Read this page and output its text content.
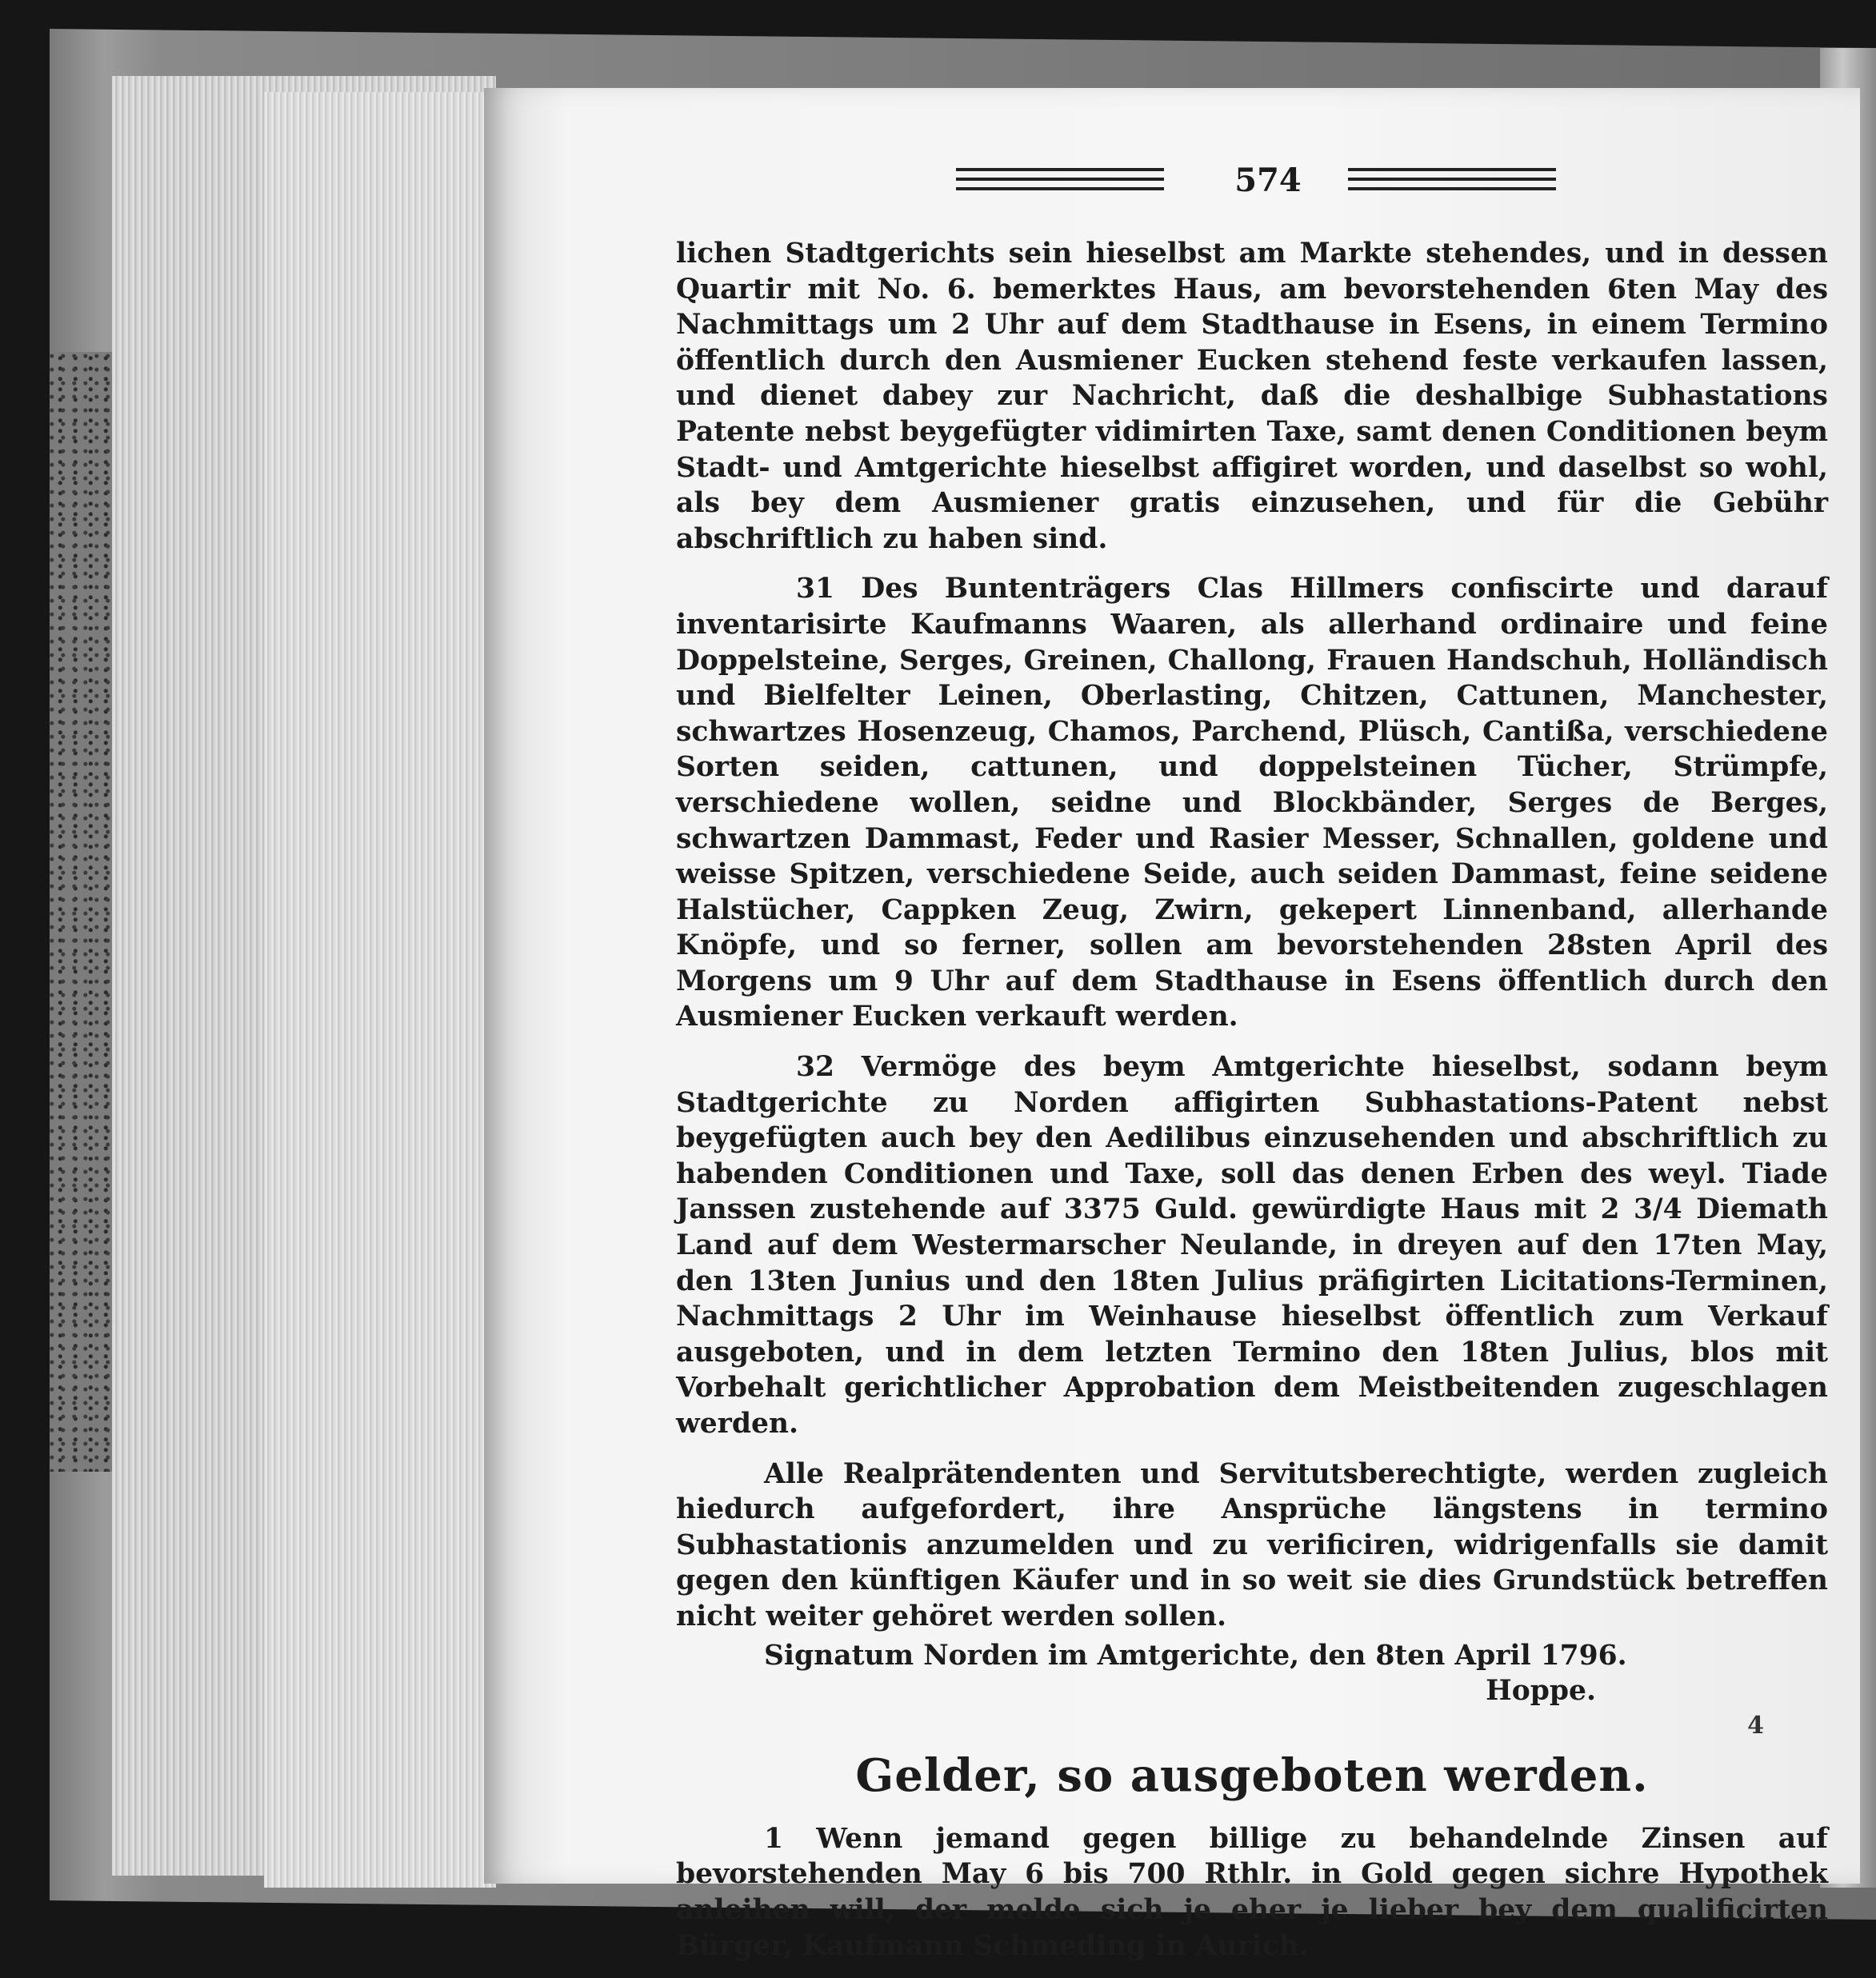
574

lichen Stadtgerichts sein hieselbst am Markte stehendes, und in dessen Quartir mit No. 6. bemerktes Haus, am bevorstehenden 6ten May des Nachmittags um 2 Uhr auf dem Stadthause in Esens, in einem Termino öffentlich durch den Ausmiener Eucken stehend feste verkaufen lassen, und dienet dabey zur Nachricht, daß die deshalbige Subhastations Patente nebst beygefügter vidimirten Taxe, samt denen Conditionen beym Stadt- und Amtgerichte hieselbst affigiret worden, und daselbst so wohl, als bey dem Ausmiener gratis einzusehen, und für die Gebühr abschriftlich zu haben sind.

31 Des Buntenträgers Clas Hillmers confiscirte und darauf inventarisirte Kaufmanns Waaren, als allerhand ordinaire und feine Doppelsteine, Serges, Greinen, Challong, Frauen Handschuh, Holländisch und Bielfelter Leinen, Oberlasting, Chitzen, Cattunen, Manchester, schwartzes Hosenzeug, Chamos, Parchend, Plüsch, Cantißa, verschiedene Sorten seiden, cattunen, und doppelsteinen Tücher, Strümpfe, verschiedene wollen, seidne und Blockbänder, Serges de Berges, schwartzen Dammast, Feder und Rasier Messer, Schnallen, goldene und weisse Spitzen, verschiedene Seide, auch seiden Dammast, feine seidene Halstücher, Cappken Zeug, Zwirn, gekepert Linnenband, allerhande Knöpfe, und so ferner, sollen am bevorstehenden 28sten April des Morgens um 9 Uhr auf dem Stadthause in Esens öffentlich durch den Ausmiener Eucken verkauft werden.

32 Vermöge des beym Amtgerichte hieselbst, sodann beym Stadtgerichte zu Norden affigirten Subhastations-Patent nebst beygefügten auch bey den Aedilibus einzusehenden und abschriftlich zu habenden Conditionen und Taxe, soll das denen Erben des weyl. Tiade Janssen zustehende auf 3375 Guld. gewürdigte Haus mit 2 3/4 Diemath Land auf dem Westermarscher Neulande, in dreyen auf den 17ten May, den 13ten Junius und den 18ten Julius präfigirten Licitations-Terminen, Nachmittags 2 Uhr im Weinhause hieselbst öffentlich zum Verkauf ausgeboten, und in dem letzten Termino den 18ten Julius, blos mit Vorbehalt gerichtlicher Approbation dem Meistbeitenden zugeschlagen werden.

Alle Realprätendenten und Servitutsberechtigte, werden zugleich hiedurch aufgefordert, ihre Ansprüche längstens in termino Subhastationis anzumelden und zu verificiren, widrigenfalls sie damit gegen den künftigen Käufer und in so weit sie dies Grundstück betreffen nicht weiter gehöret werden sollen.

Signatum Norden im Amtgerichte, den 8ten April 1796.

Hoppe.

Gelder, so ausgeboten werden.

1 Wenn jemand gegen billige zu behandelnde Zinsen auf bevorstehenden May 6 bis 700 Rthlr. in Gold gegen sichre Hypothek anleihen will, der melde sich je eher je lieber bey dem qualificirten Bürger, Kaufmann Schmeding in Aurich.

4
